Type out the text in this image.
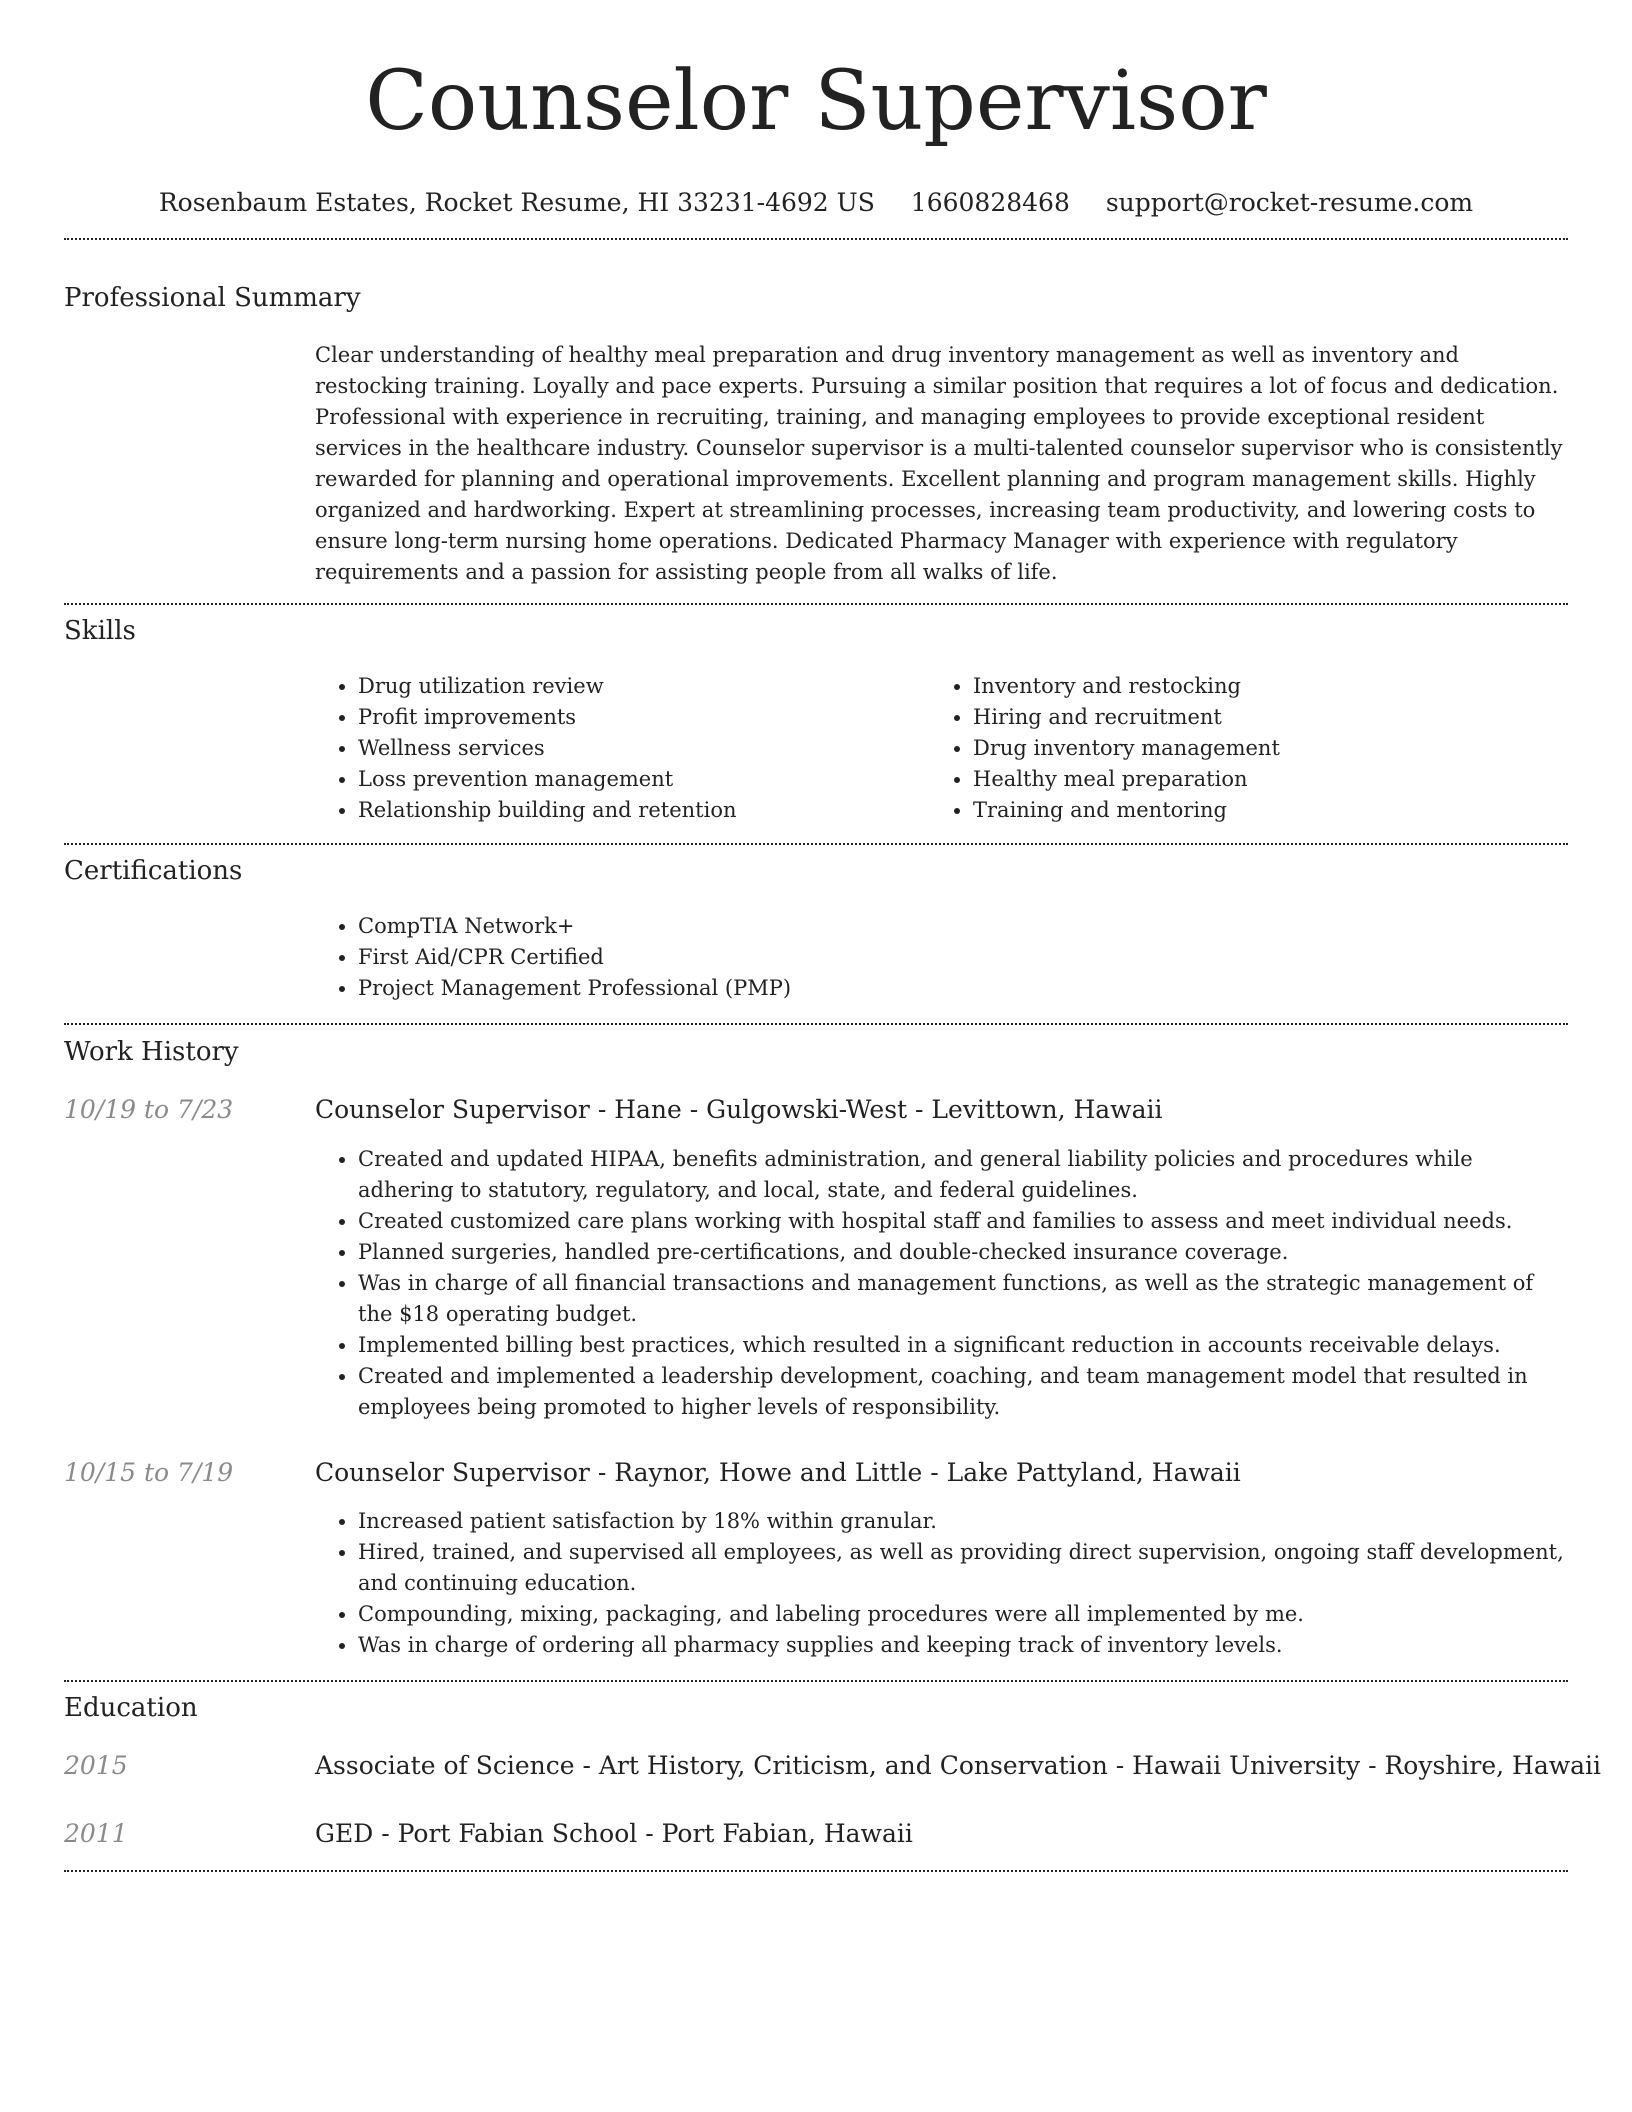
Counselor Supervisor
Rosenbaum Estates, Rocket Resume, HI 33231-4692 US 1660828468 support@rocket-resume.com
Professional Summary

Clear understanding of healthy meal preparation and drug inventory management as well as inventory and restocking training. Loyally and pace experts. Pursuing a similar position that requires a lot of focus and dedication. Professional with experience in recruiting, training, and managing employees to provide exceptional resident services in the healthcare industry. Counselor supervisor is a multi-talented counselor supervisor who is consistently rewarded for planning and operational improvements. Excellent planning and program management skills. Highly organized and hardworking. Expert at streamlining processes, increasing team productivity, and lowering costs to ensure long-term nursing home operations. Dedicated Pharmacy Manager with experience with regulatory requirements and a passion for assisting people from all walks of life.

Skills
• Drug utilization review
• Profit improvements
• Wellness services
• Loss prevention management
• Relationship building and retention
• Inventory and restocking
• Hiring and recruitment
• Drug inventory management
• Healthy meal preparation
• Training and mentoring
Certifications
• CompTIA Network+
• First Aid/CPR Certified
• Project Management Professional (PMP)
Work History
10/19 to 7/23	Counselor Supervisor - Hane - Gulgowski-West - Levittown, Hawaii
• Created and updated HIPAA, benefits administration, and general liability policies and procedures while adhering to statutory, regulatory, and local, state, and federal guidelines.
• Created customized care plans working with hospital staff and families to assess and meet individual needs.
• Planned surgeries, handled pre-certifications, and double-checked insurance coverage.
• Was in charge of all financial transactions and management functions, as well as the strategic management of the $18 operating budget.
• Implemented billing best practices, which resulted in a significant reduction in accounts receivable delays.
• Created and implemented a leadership development, coaching, and team management model that resulted in employees being promoted to higher levels of responsibility.
10/15 to 7/19	Counselor Supervisor - Raynor, Howe and Little - Lake Pattyland, Hawaii
• Increased patient satisfaction by 18% within granular.
• Hired, trained, and supervised all employees, as well as providing direct supervision, ongoing staff development, and continuing education.
• Compounding, mixing, packaging, and labeling procedures were all implemented by me.
• Was in charge of ordering all pharmacy supplies and keeping track of inventory levels.
Education
2015	Associate of Science - Art History, Criticism, and Conservation - Hawaii University - Royshire, Hawaii
2011	GED - Port Fabian School - Port Fabian, Hawaii
